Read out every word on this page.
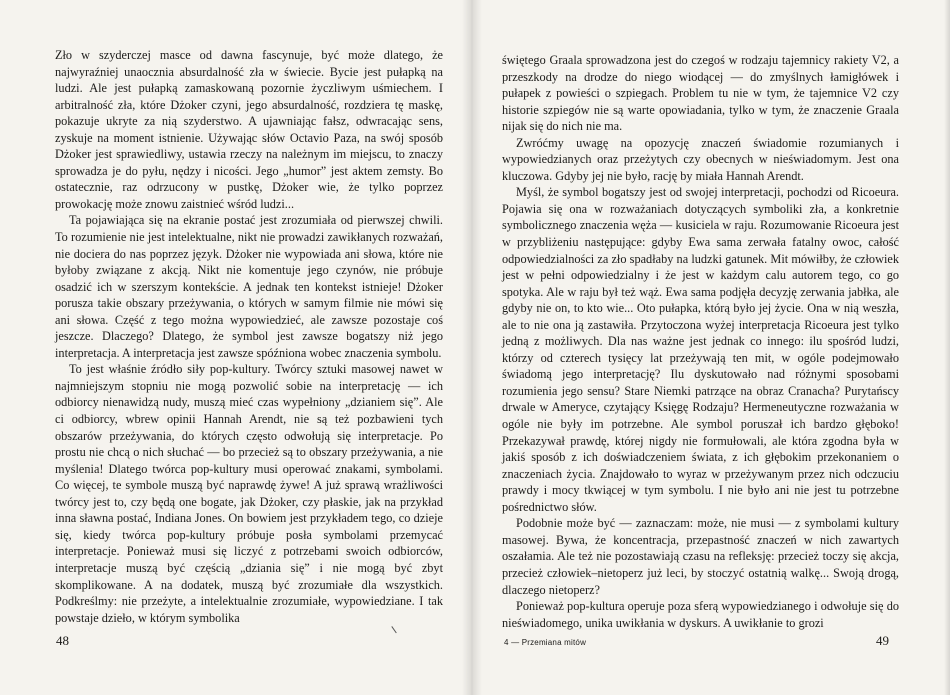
Zło w szyderczej masce od dawna fascynuje, być może dlatego, że najwyraźniej unaocznia absurdalność zła w świecie. Bycie jest pułapką na ludzi. Ale jest pułapką zamaskowaną pozornie życzliwym uśmiechem. I arbitralność zła, które Dżoker czyni, jego absurdalność, rozdziera tę maskę, pokazuje ukryte za nią szyderstwo. A ujawniając fałsz, odwracając sens, zyskuje na moment istnienie. Używając słów Octavio Paza, na swój sposób Dżoker jest sprawiedliwy, ustawia rzeczy na należnym im miejscu, to znaczy sprowadza je do pyłu, nędzy i nicości. Jego „humor” jest aktem zemsty. Bo ostatecznie, raz odrzucony w pustkę, Dżoker wie, że tylko poprzez prowokację może znowu zaistnieć wśród ludzi...

Ta pojawiająca się na ekranie postać jest zrozumiała od pierwszej chwili. To rozumienie nie jest intelektualne, nikt nie prowadzi zawikłanych rozważań, nie dociera do nas poprzez język. Dżoker nie wypowiada ani słowa, które nie byłoby związane z akcją. Nikt nie komentuje jego czynów, nie próbuje osadzić ich w szerszym kontekście. A jednak ten kontekst istnieje! Dżoker porusza takie obszary przeżywania, o których w samym filmie nie mówi się ani słowa. Część z tego można wypowiedzieć, ale zawsze pozostaje coś jeszcze. Dlaczego? Dlatego, że symbol jest zawsze bogatszy niż jego interpretacja. A interpretacja jest zawsze spóźniona wobec znaczenia symbolu.

To jest właśnie źródło siły pop-kultury. Twórcy sztuki masowej nawet w najmniejszym stopniu nie mogą pozwolić sobie na interpretację — ich odbiorcy nienawidzą nudy, muszą mieć czas wypełniony „dzianiem się”. Ale ci odbiorcy, wbrew opinii Hannah Arendt, nie są też pozbawieni tych obszarów przeżywania, do których często odwołują się interpretacje. Po prostu nie chcą o nich słuchać — bo przecież są to obszary przeżywania, a nie myślenia! Dlatego twórca pop-kultury musi operować znakami, symbolami. Co więcej, te symbole muszą być naprawdę żywe! A już sprawą wrażliwości twórcy jest to, czy będą one bogate, jak Dżoker, czy płaskie, jak na przykład inna sławna postać, Indiana Jones. On bowiem jest przykładem tego, co dzieje się, kiedy twórca pop-kultury próbuje posła symbolami przemycać interpretacje. Ponieważ musi się liczyć z potrzebami swoich odbiorców, interpretacje muszą być częścią „dziania się” i nie mogą być zbyt skomplikowane. A na dodatek, muszą być zrozumiałe dla wszystkich. Podkreślmy: nie przeżyte, a intelektualnie zrozumiałe, wypowiedziane. I tak powstaje dzieło, w którym symbolika

48

świętego Graala sprowadzona jest do czegoś w rodzaju tajemnicy rakiety V2, a przeszkody na drodze do niego wiodącej — do zmyślnych łamigłówek i pułapek z powieści o szpiegach. Problem tu nie w tym, że tajemnice V2 czy historie szpiegów nie są warte opowiadania, tylko w tym, że znaczenie Graala nijak się do nich nie ma.

Zwróćmy uwagę na opozycję znaczeń świadomie rozumianych i wypowiedzianych oraz przeżytych czy obecnych w nieświadomym. Jest ona kluczowa. Gdyby jej nie było, rację by miała Hannah Arendt.

Myśl, że symbol bogatszy jest od swojej interpretacji, pochodzi od Ricoeura. Pojawia się ona w rozważaniach dotyczących symboliki zła, a konkretnie symbolicznego znaczenia węża — kusiciela w raju. Rozumowanie Ricoeura jest w przybliżeniu następujące: gdyby Ewa sama zerwała fatalny owoc, całość odpowiedzialności za zło spadłaby na ludzki gatunek. Mit mówiłby, że człowiek jest w pełni odpowiedzialny i że jest w każdym calu autorem tego, co go spotyka. Ale w raju był też wąż. Ewa sama podjęła decyzję zerwania jabłka, ale gdyby nie on, to kto wie... Oto pułapka, którą było jej życie. Ona w nią weszła, ale to nie ona ją zastawiła. Przytoczona wyżej interpretacja Ricoeura jest tylko jedną z możliwych. Dla nas ważne jest jednak co innego: ilu spośród ludzi, którzy od czterech tysięcy lat przeżywają ten mit, w ogóle podejmowało świadomą jego interpretację? Ilu dyskutowało nad różnymi sposobami rozumienia jego sensu? Stare Niemki patrzące na obraz Cranacha? Purytańscy drwale w Ameryce, czytający Księgę Rodzaju? Hermeneutyczne rozważania w ogóle nie były im potrzebne. Ale symbol poruszał ich bardzo głęboko! Przekazywał prawdę, której nigdy nie formułowali, ale która zgodna była w jakiś sposób z ich doświadczeniem świata, z ich głębokim przekonaniem o znaczeniach życia. Znajdowało to wyraz w przeżywanym przez nich odczuciu prawdy i mocy tkwiącej w tym symbolu. I nie było ani nie jest tu potrzebne pośrednictwo słów.

Podobnie może być — zaznaczam: może, nie musi — z symbolami kultury masowej. Bywa, że koncentracja, przepastność znaczeń w nich zawartych oszałamia. Ale też nie pozostawiają czasu na refleksję: przecież toczy się akcja, przecież człowiek–nietoperz już leci, by stoczyć ostatnią walkę... Swoją drogą, dlaczego nietoperz?

Ponieważ pop-kultura operuje poza sferą wypowiedzianego i odwołuje się do nieświadomego, unika uwikłania w dyskurs. A uwikłanie to grozi

4 — Przemiana mitów	49
